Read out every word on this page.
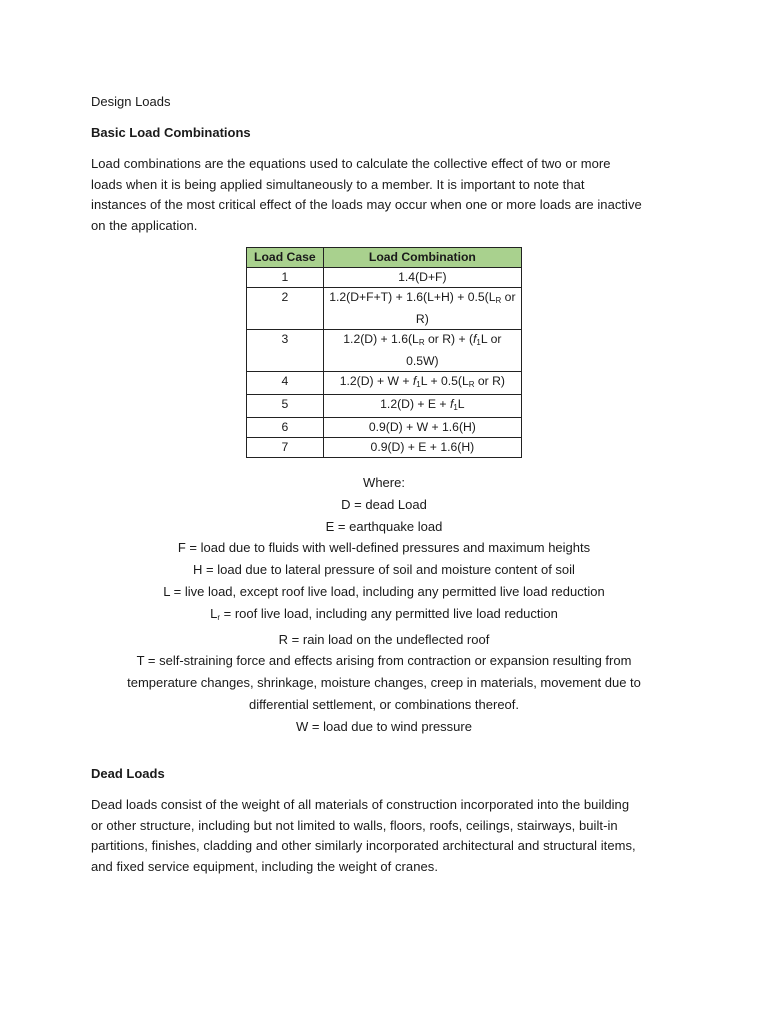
Design Loads
Basic Load Combinations
Load combinations are the equations used to calculate the collective effect of two or more
loads when it is being applied simultaneously to a member. It is important to note that
instances of the most critical effect of the loads may occur when one or more loads are inactive
on the application.
Load Case	Load Combination
1	1.4(D+F)
2	$1.2(D+F+T) + 1.6(L+H) + 0.5(L_R$ or R)
3	$1.2(D) + 1.6(L_R$ or $R) + (f_1L$ or 0.5W)
4	$1.2(D) + W + f_1L + 0.5(L_R$ or R)
5	$1.2(D) + E + f_1L$
6	0.9(D) + W + 1.6(H)
7	0.9(D) + E + 1.6(H)
Where:
D = dead Load
E = earthquake load
F = load due to fluids with well-defined pressures and maximum heights
H = load due to lateral pressure of soil and moisture content of soil
L = live load, except roof live load, including any permitted live load reduction
$L_r$ = roof live load, including any permitted live load reduction
R = rain load on the undeflected roof
T = self-straining force and effects arising from contraction or expansion resulting from
temperature changes, shrinkage, moisture changes, creep in materials, movement due to
differential settlement, or combinations thereof.
W = load due to wind pressure
Dead Loads
Dead loads consist of the weight of all materials of construction incorporated into the building
or other structure, including but not limited to walls, floors, roofs, ceilings, stairways, built-in
partitions, finishes, cladding and other similarly incorporated architectural and structural items,
and fixed service equipment, including the weight of cranes.
